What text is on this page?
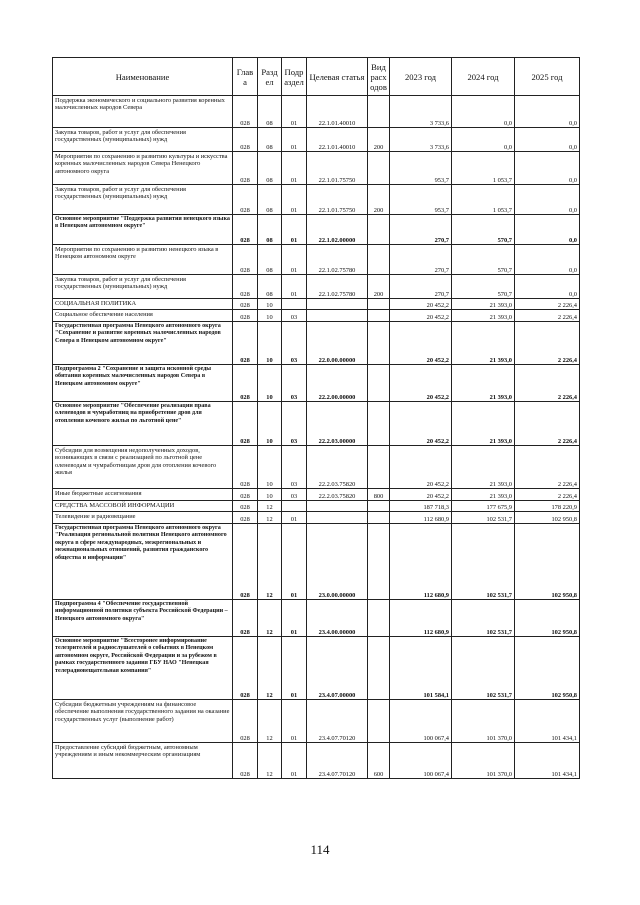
Наименование	Глав а	Разд ел	Подр аздел	Целевая статья	Вид расх одов	2023 год	2024 год	2025 год
Поддержка экономического и социального развития коренных малочисленных народов Севера	028	08	01	22.1.01.40010		3 733,6	0,0	0,0
Закупка товаров, работ и услуг для обеспечения государственных (муниципальных) нужд	028	08	01	22.1.01.40010	200	3 733,6	0,0	0,0
Мероприятия по сохранению и развитию культуры и искусства коренных малочисленных народов Севера Ненецкого автономного округа	028	08	01	22.1.01.75750		953,7	1 053,7	0,0
Закупка товаров, работ и услуг для обеспечения государственных (муниципальных) нужд	028	08	01	22.1.01.75750	200	953,7	1 053,7	0,0
Основное мероприятие "Поддержка развития ненецкого языка в Ненецком автономном округе"	028	08	01	22.1.02.00000		270,7	570,7	0,0
Мероприятия по сохранению и развитию ненецкого языка в Ненецком автономном округе	028	08	01	22.1.02.75780		270,7	570,7	0,0
Закупка товаров, работ и услуг для обеспечения государственных (муниципальных) нужд	028	08	01	22.1.02.75780	200	270,7	570,7	0,0
СОЦИАЛЬНАЯ ПОЛИТИКА	028	10				20 452,2	21 393,0	2 226,4
Социальное обеспечение населения	028	10	03			20 452,2	21 393,0	2 226,4
Государственная программа Ненецкого автономного округа "Сохранение и развитие коренных малочисленных народов Севера в Ненецком автономном округе"	028	10	03	22.0.00.00000		20 452,2	21 393,0	2 226,4
Подпрограмма 2 "Сохранение и защита исконной среды обитания коренных малочисленных народов Севера в Ненецком автономном округе"	028	10	03	22.2.00.00000		20 452,2	21 393,0	2 226,4
Основное мероприятие "Обеспечение реализации права оленеводов и чумработниц на приобретение дров для отопления кочевого жилья по льготной цене"	028	10	03	22.2.03.00000		20 452,2	21 393,0	2 226,4
Субсидии для возмещения недополученных доходов, возникающих в связи с реализацией по льготной цене оленеводам и чумработницам дров для отопления кочевого жилья	028	10	03	22.2.03.75820		20 452,2	21 393,0	2 226,4
Иные бюджетные ассигнования	028	10	03	22.2.03.75820	800	20 452,2	21 393,0	2 226,4
СРЕДСТВА МАССОВОЙ ИНФОРМАЦИИ	028	12				187 718,3	177 675,9	178 220,9
Телевидение и радиовещание	028	12	01			112 680,9	102 531,7	102 950,8
Государственная программа Ненецкого автономного округа "Реализация региональной политики Ненецкого автономного округа в сфере международных, межрегиональных и межнациональных отношений, развития гражданского общества и информации"	028	12	01	23.0.00.00000		112 680,9	102 531,7	102 950,8
Подпрограмма 4 "Обеспечение государственной информационной политики субъекта Российской Федерации – Ненецкого автономного округа"	028	12	01	23.4.00.00000		112 680,9	102 531,7	102 950,8
Основное мероприятие "Всесторонее информирование телезрителей и радиослушателей о событиях в Ненецком автономном округе, Российской Федерации и за рубежом в рамках государственного задания ГБУ НАО "Ненецкая телерадиовещательная компания"	028	12	01	23.4.07.00000		101 584,1	102 531,7	102 950,8
Субсидии бюджетным учреждениям на финансовое обеспечение выполнения государственного задания на оказание государственных услуг (выполнение работ)	028	12	01	23.4.07.70120		100 067,4	101 370,0	101 434,1
Предоставление субсидий бюджетным, автономным учреждениям и иным некоммерческим организациям	028	12	01	23.4.07.70120	600	100 067,4	101 370,0	101 434,1
114
